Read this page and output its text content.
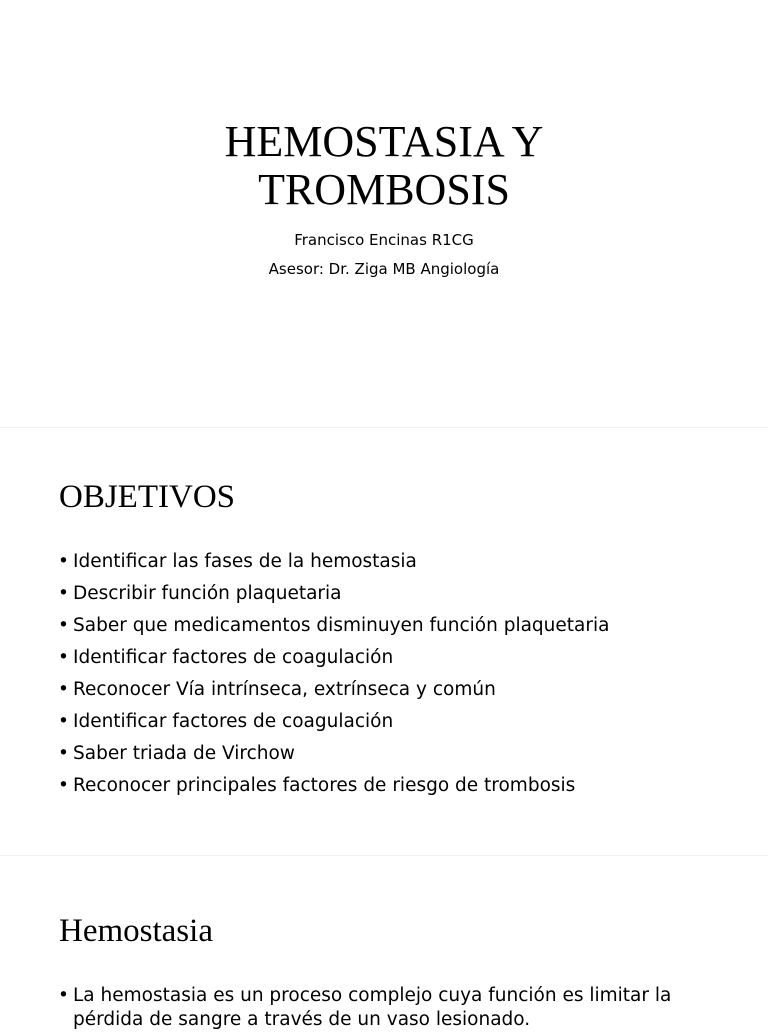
HEMOSTASIA Y
TROMBOSIS

Francisco Encinas R1CG

Asesor: Dr. Ziga MB Angiología

OBJETIVOS
• Identificar las fases de la hemostasia
• Describir función plaquetaria
• Saber que medicamentos disminuyen función plaquetaria
• Identificar factores de coagulación
• Reconocer Vía intrínseca, extrínseca y común
• Identificar factores de coagulación
• Saber triada de Virchow
• Reconocer principales factores de riesgo de trombosis
Hemostasia
• La hemostasia es un proceso complejo cuya función es limitar la pérdida de sangre a través de un vaso lesionado.
